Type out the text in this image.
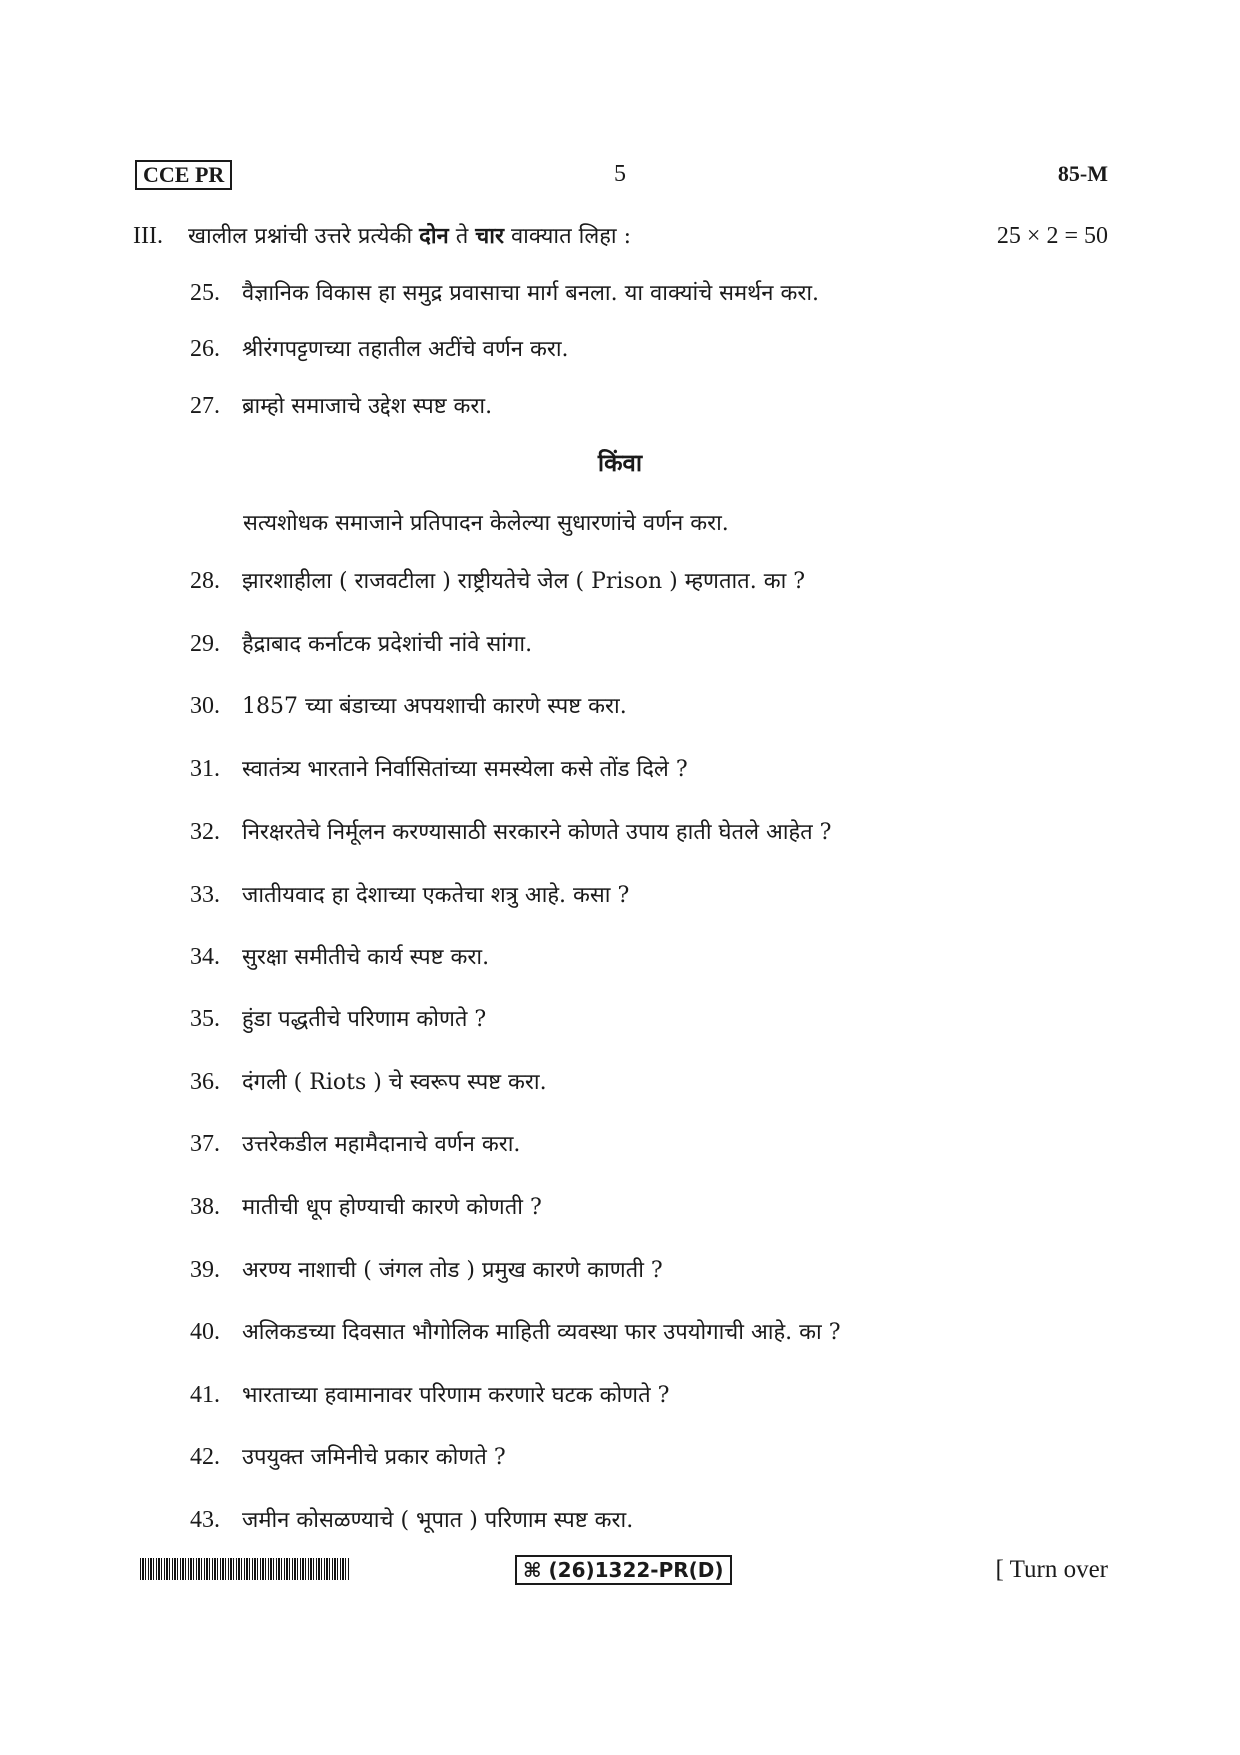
CCE PR	5	85-M
III. खालील प्रश्नांची उत्तरे प्रत्येकी दोन ते चार वाक्यात लिहा :	25 × 2 = 50
25. वैज्ञानिक विकास हा समुद्र प्रवासाचा मार्ग बनला. या वाक्यांचे समर्थन करा.
26. श्रीरंगपट्टणच्या तहातील अटींचे वर्णन करा.
27. ब्राम्हो समाजाचे उद्देश स्पष्ट करा.
किंवा
सत्यशोधक समाजाने प्रतिपादन केलेल्या सुधारणांचे वर्णन करा.
28. झारशाहीला ( राजवटीला ) राष्ट्रीयतेचे जेल ( Prison ) म्हणतात. का ?
29. हैद्राबाद कर्नाटक प्रदेशांची नांवे सांगा.
30. 1857 च्या बंडाच्या अपयशाची कारणे स्पष्ट करा.
31. स्वातंत्र्य भारताने निर्वासितांच्या समस्येला कसे तोंड दिले ?
32. निरक्षरतेचे निर्मूलन करण्यासाठी सरकारने कोणते उपाय हाती घेतले आहेत ?
33. जातीयवाद हा देशाच्या एकतेचा शत्रु आहे. कसा ?
34. सुरक्षा समीतीचे कार्य स्पष्ट करा.
35. हुंडा पद्धतीचे परिणाम कोणते ?
36. दंगली ( Riots ) चे स्वरूप स्पष्ट करा.
37. उत्तरेकडील महामैदानाचे वर्णन करा.
38. मातीची धूप होण्याची कारणे कोणती ?
39. अरण्य नाशाची ( जंगल तोड ) प्रमुख कारणे काणती ?
40. अलिकडच्या दिवसात भौगोलिक माहिती व्यवस्था फार उपयोगाची आहे. का ?
41. भारताच्या हवामानावर परिणाम करणारे घटक कोणते ?
42. उपयुक्त जमिनीचे प्रकार कोणते ?
43. जमीन कोसळण्याचे ( भूपात ) परिणाम स्पष्ट करा.
⌘ (26)1322-PR(D)	[ Turn over
